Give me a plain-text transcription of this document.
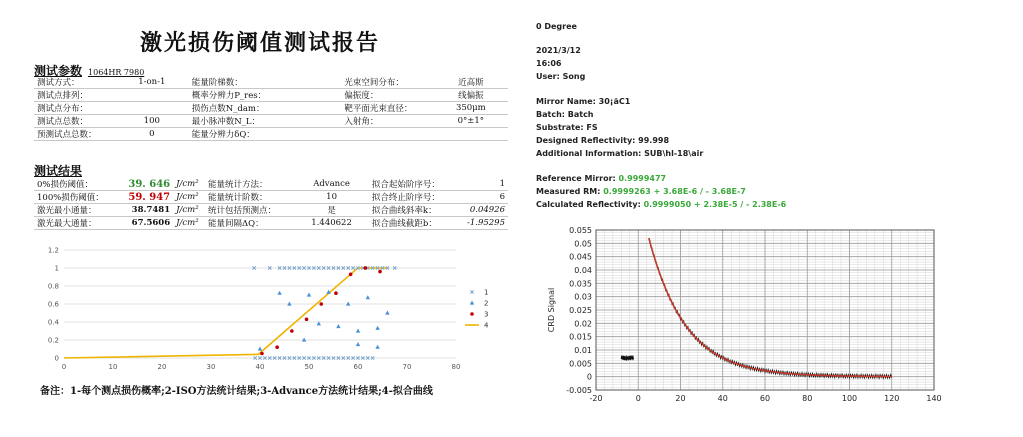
激光损伤阈值测试报告
测试参数 1064HR 7980
测试方式：	1-on-1	能量阶梯数：		光束空间分布：	近高斯
测试点排列：		概率分辨力P_res：		偏振度：	线偏振
测试点分布：		损伤点数N_dam：		靶平面光束直径：	350μm
测试点总数：	100	最小脉冲数N_L：		入射角：	0°±1°
预测试点总数：	0	能量分辨力δQ：			
测试结果
0%损伤阈值：	39. 646	J/cm²	能量统计方法：	Advance	拟合起始阶序号：	1
100%损伤阈值：	59. 947	J/cm²	能量统计阶数：	10	拟合终止阶序号：	6
激光最小通量：	38.7481	J/cm²	统计包括预测点：	是	拟合曲线斜率k：	0.04926
激光最大通量：	67.5606	J/cm²	能量间隔ΔQ：	1.440622	拟合曲线截距b：	-1.95295
0
0.2
0.4
0.6
0.8
1
1.2
0	10	20	30	40	50	60	70	80
1
2
3
4
备注：1-每个测点损伤概率;2-ISO方法统计结果;3-Advance方法统计结果;4-拟合曲线
0 Degree
2021/3/12
16:06
User: Song
Mirror Name: 30¡ãC1
Batch: Batch
Substrate: FS
Designed Reflectivity: 99.998
Additional Information: SUB\hl-18\air
Reference Mirror: 0.9999477
Measured RM: 0.9999263 + 3.68E-6 / - 3.68E-7
Calculated Reflectivity: 0.9999050 + 2.38E-5 / - 2.38E-6
-20	0	20	40	60	80	100	120	140
-0.005
0
0.005
0.01
0.015
0.02
0.025
0.03
0.035
0.04
0.045
0.05
0.055
CRD Signal
